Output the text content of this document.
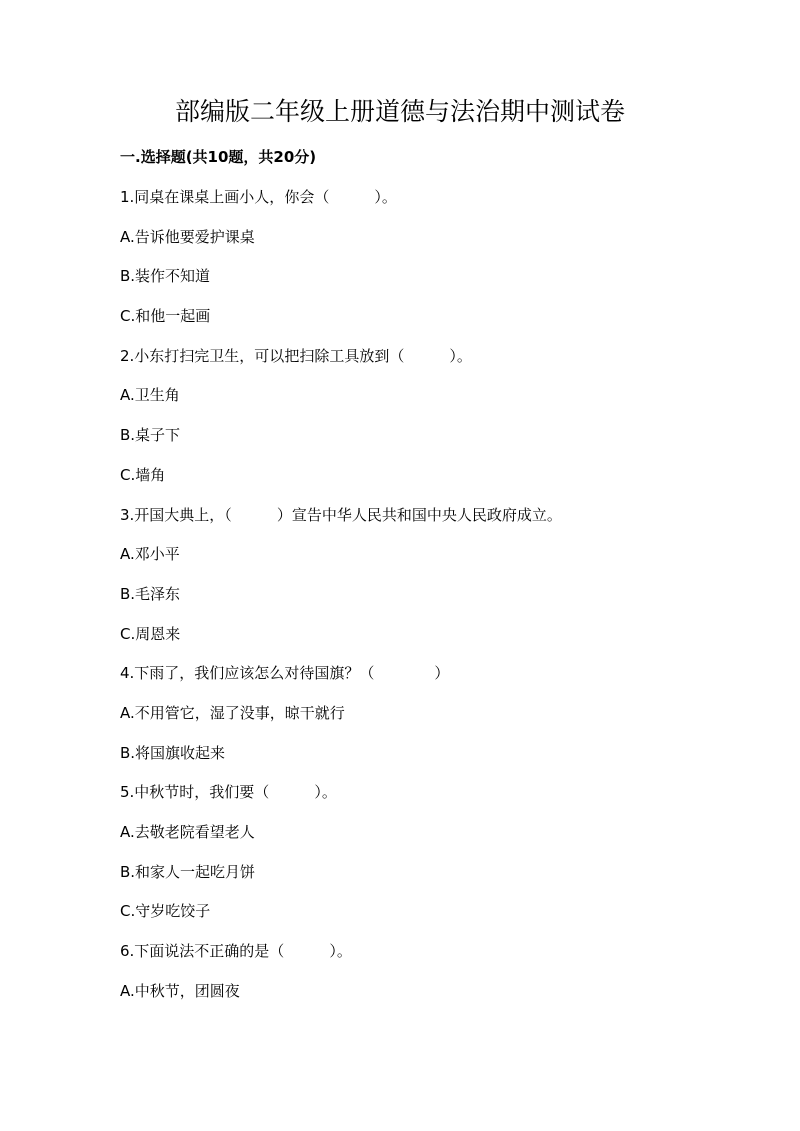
部编版二年级上册道德与法治期中测试卷
一.选择题(共10题，共20分)
1.同桌在课桌上画小人，你会（　　　）。
A.告诉他要爱护课桌
B.装作不知道
C.和他一起画
2.小东打扫完卫生，可以把扫除工具放到（　　　）。
A.卫生角
B.桌子下
C.墙角
3.开国大典上，（　　　）宣告中华人民共和国中央人民政府成立。
A.邓小平
B.毛泽东
C.周恩来
4.下雨了，我们应该怎么对待国旗？（　　　　）
A.不用管它，湿了没事，晾干就行
B.将国旗收起来
5.中秋节时，我们要（　　　）。
A.去敬老院看望老人
B.和家人一起吃月饼
C.守岁吃饺子
6.下面说法不正确的是（　　　）。
A.中秋节，团圆夜
